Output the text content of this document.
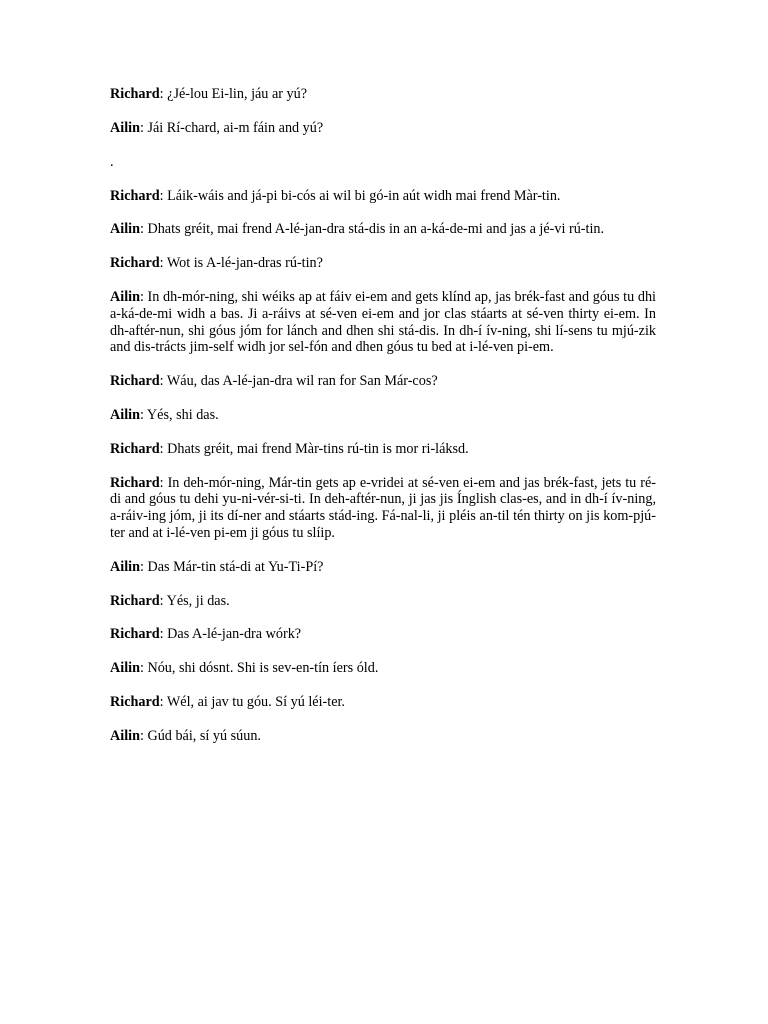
Richard: ¿Jé-lou Ei-lin, jáu ar yú?

Ailin: Jái Rí-chard, ai-m fáin and yú?

.

Richard: Láik-wáis and já-pi bi-cós ai wil bi gó-in aút widh mai frend Màr-tin.

Ailin: Dhats gréit, mai frend A-lé-jan-dra stá-dis in an a-ká-de-mi and jas a jé-vi rú-tin.

Richard: Wot is A-lé-jan-dras rú-tin?

Ailin: In dh-mór-ning, shi wéiks ap at fáiv ei-em and gets klínd ap, jas brék-fast and góus tu dhi a-ká-de-mi widh a bas. Ji a-ráivs at sé-ven ei-em and jor clas stáarts at sé-ven thirty ei-em. In dh-aftér-nun, shi góus jóm for lánch and dhen shi stá-dis. In dh-í ív-ning, shi lí-sens tu mjú-zik and dis-trácts jim-self widh jor sel-fón and dhen góus tu bed at i-lé-ven pi-em.

Richard: Wáu, das A-lé-jan-dra wil ran for San Már-cos?

Ailin: Yés, shi das.

Richard: Dhats gréit, mai frend Màr-tins rú-tin is mor ri-láksd.

Richard: In deh-mór-ning, Már-tin gets ap e-vridei at sé-ven ei-em and jas brék-fast, jets tu ré-di and góus tu dehi yu-ni-vér-si-ti. In deh-aftér-nun, ji jas jis Ínglish clas-es, and in dh-í ív-ning, a-ráiv-ing jóm, ji its dí-ner and stáarts stád-ing. Fá-nal-li, ji pléis an-til tén thirty on jis kom-pjú-ter and at i-lé-ven pi-em ji góus tu slíip.

Ailin: Das Már-tin stá-di at Yu-Ti-Pí?

Richard: Yés, ji das.

Richard: Das A-lé-jan-dra wórk?

Ailin: Nóu, shi dósnt. Shi is sev-en-tín íers óld.

Richard: Wél, ai jav tu góu. Sí yú léi-ter.

Ailin: Gúd bái, sí yú súun.
